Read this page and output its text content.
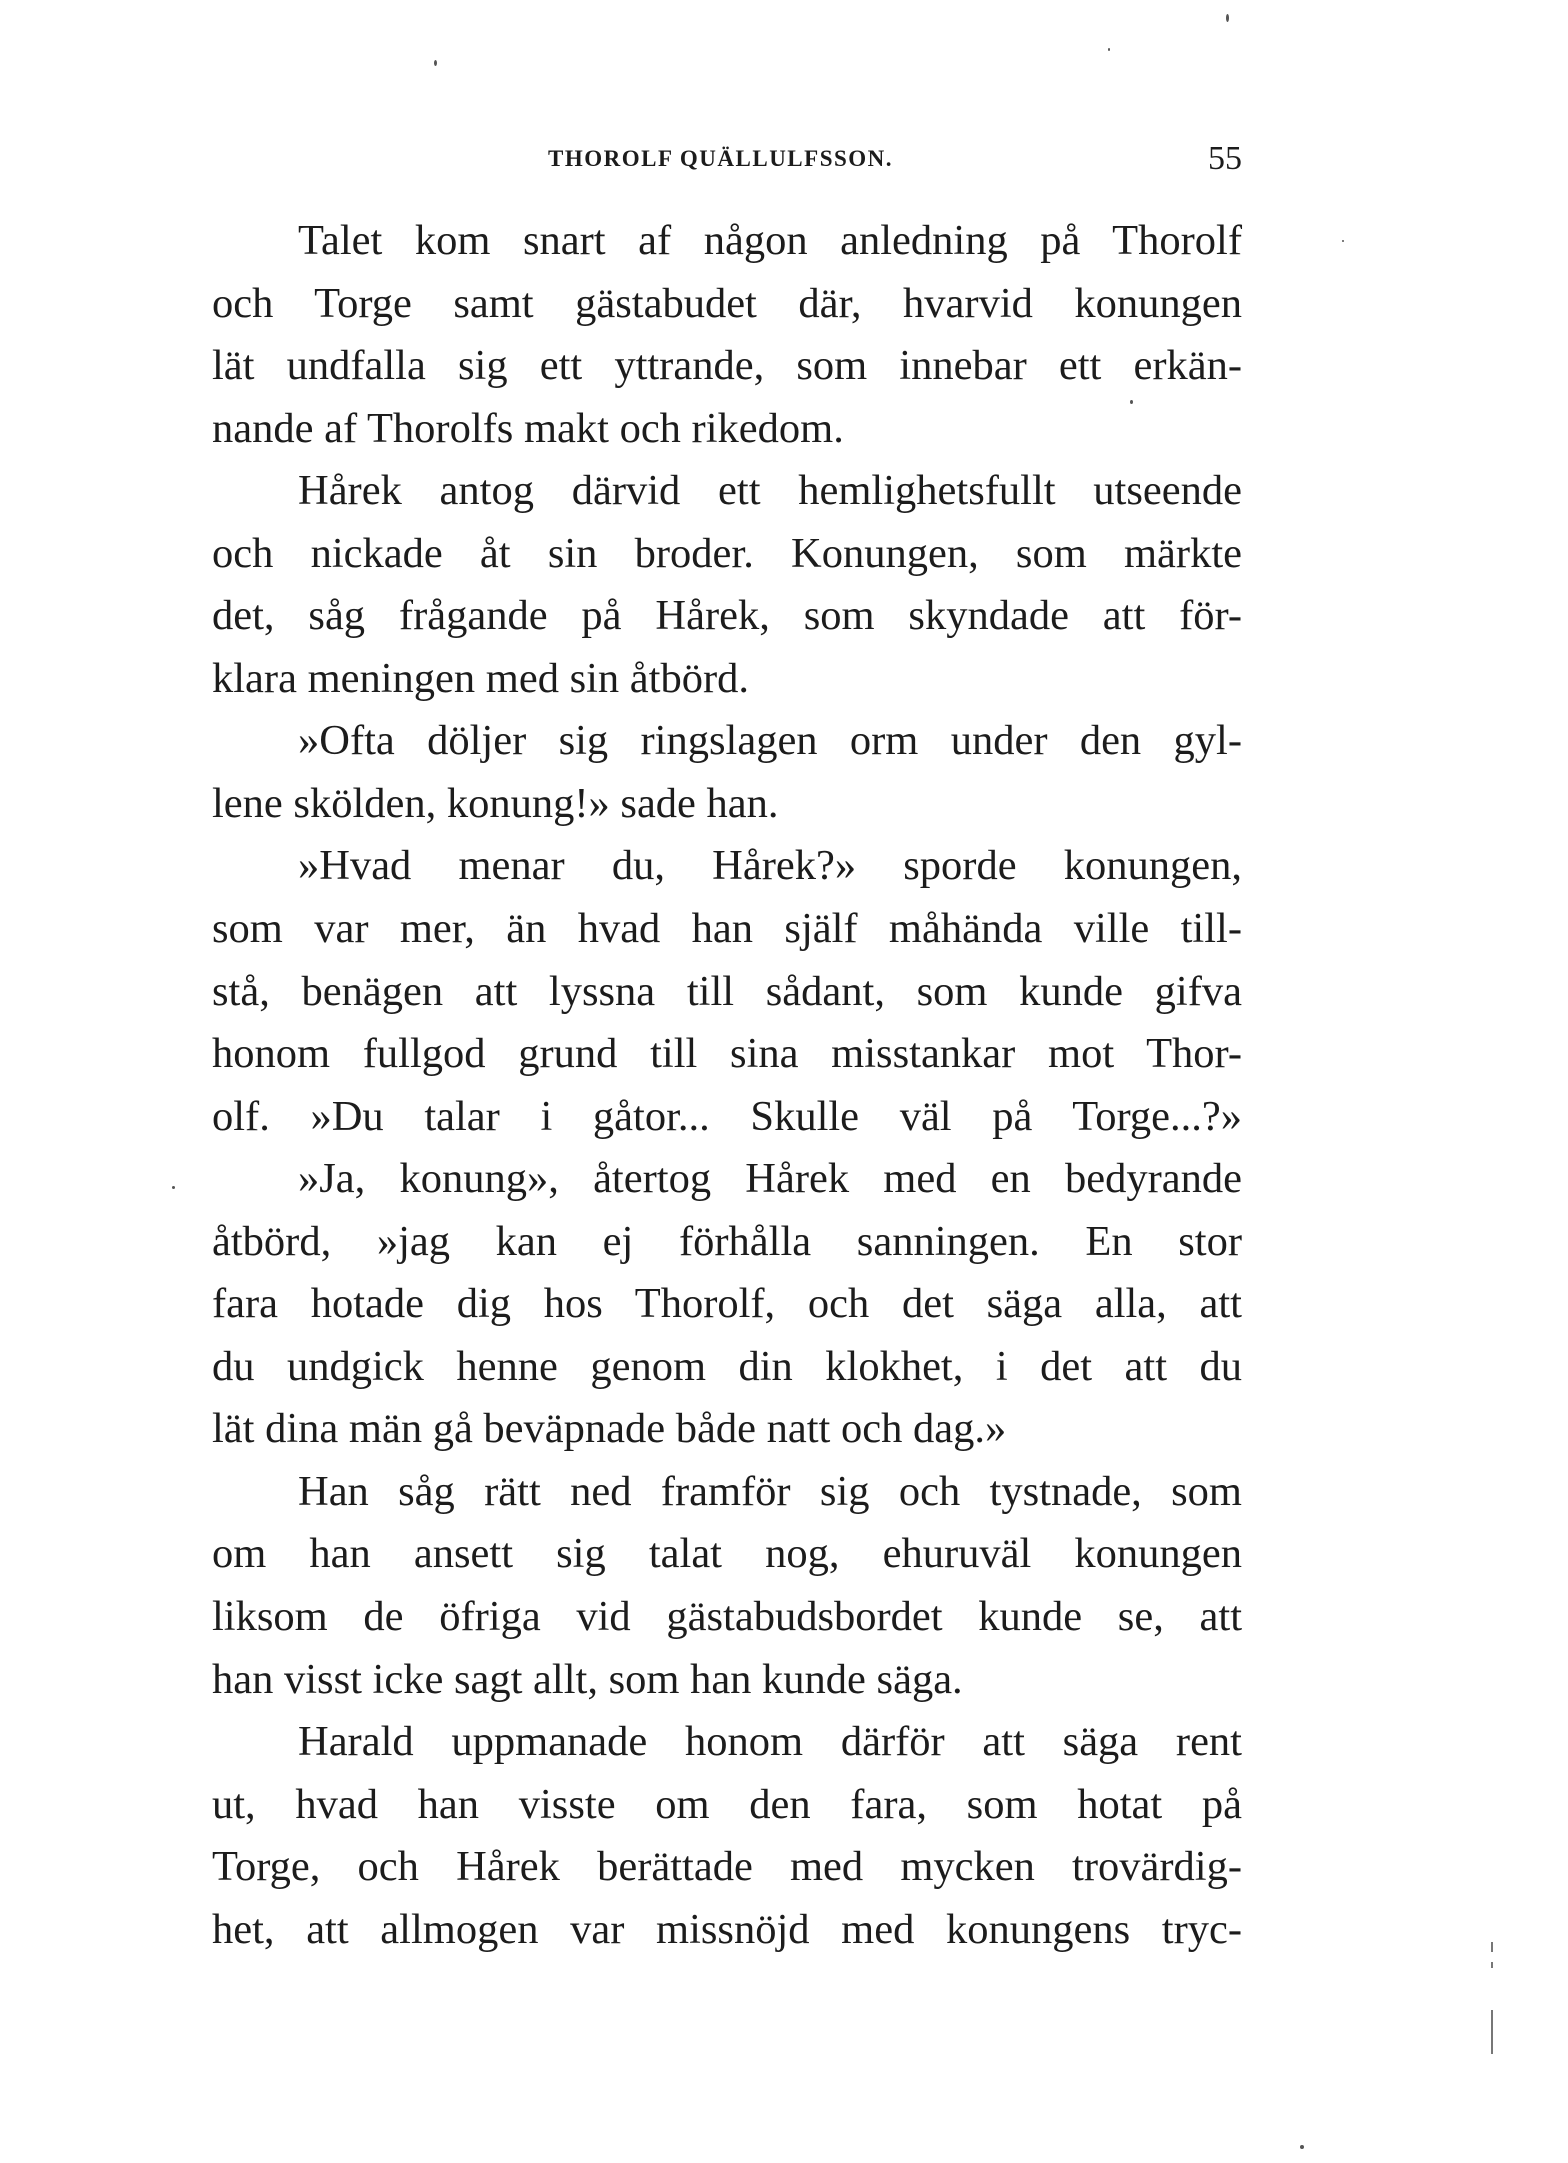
THOROLF QUÄLLULFSSON.	55
Talet kom snart af någon anledning på Thorolf
och Torge samt gästabudet där, hvarvid konungen
lät undfalla sig ett yttrande, som innebar ett erkän-
nande af Thorolfs makt och rikedom.
Hårek antog därvid ett hemlighetsfullt utseende
och nickade åt sin broder. Konungen, som märkte
det, såg frågande på Hårek, som skyndade att för-
klara meningen med sin åtbörd.
»Ofta döljer sig ringslagen orm under den gyl-
lene skölden, konung!» sade han.
»Hvad menar du, Hårek?» sporde konungen,
som var mer, än hvad han själf måhända ville till-
stå, benägen att lyssna till sådant, som kunde gifva
honom fullgod grund till sina misstankar mot Thor-
olf. »Du talar i gåtor... Skulle väl på Torge...?»
»Ja, konung», återtog Hårek med en bedyrande
åtbörd, »jag kan ej förhålla sanningen. En stor
fara hotade dig hos Thorolf, och det säga alla, att
du undgick henne genom din klokhet, i det att du
lät dina män gå beväpnade både natt och dag.»
Han såg rätt ned framför sig och tystnade, som
om han ansett sig talat nog, ehuruväl konungen
liksom de öfriga vid gästabudsbordet kunde se, att
han visst icke sagt allt, som han kunde säga.
Harald uppmanade honom därför att säga rent
ut, hvad han visste om den fara, som hotat på
Torge, och Hårek berättade med mycken trovärdig-
het, att allmogen var missnöjd med konungens tryc-
